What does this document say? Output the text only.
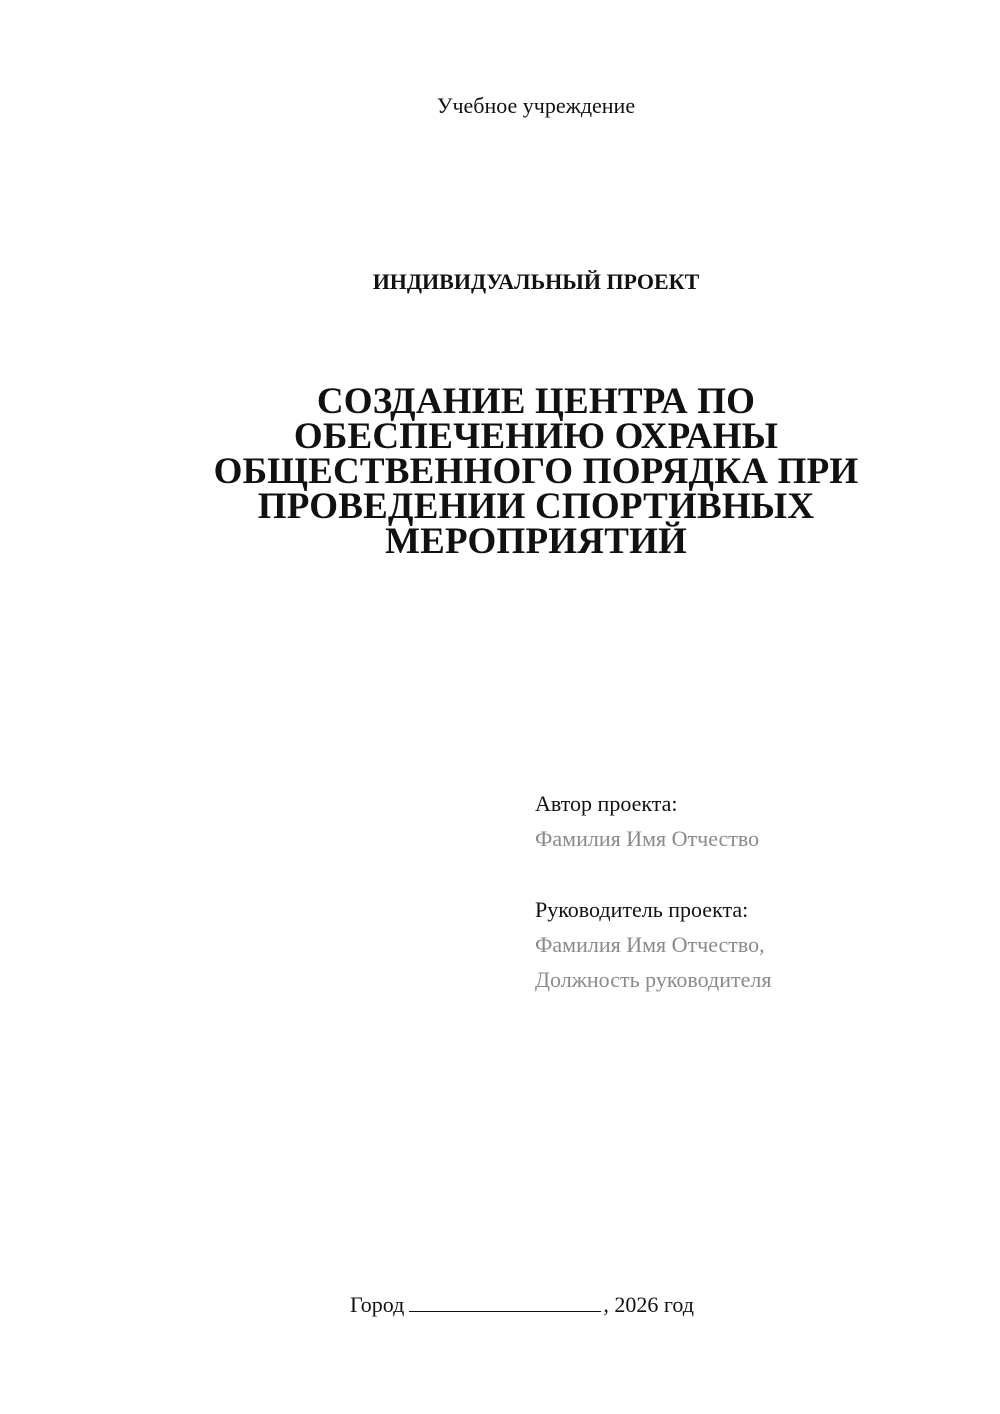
Учебное учреждение
ИНДИВИДУАЛЬНЫЙ ПРОЕКТ
СОЗДАНИЕ ЦЕНТРА ПО
ОБЕСПЕЧЕНИЮ ОХРАНЫ
ОБЩЕСТВЕННОГО ПОРЯДКА ПРИ
ПРОВЕДЕНИИ СПОРТИВНЫХ
МЕРОПРИЯТИЙ
Автор проекта:
Фамилия Имя Отчество
Руководитель проекта:
Фамилия Имя Отчество,
Должность руководителя
Город	, 2026 год
